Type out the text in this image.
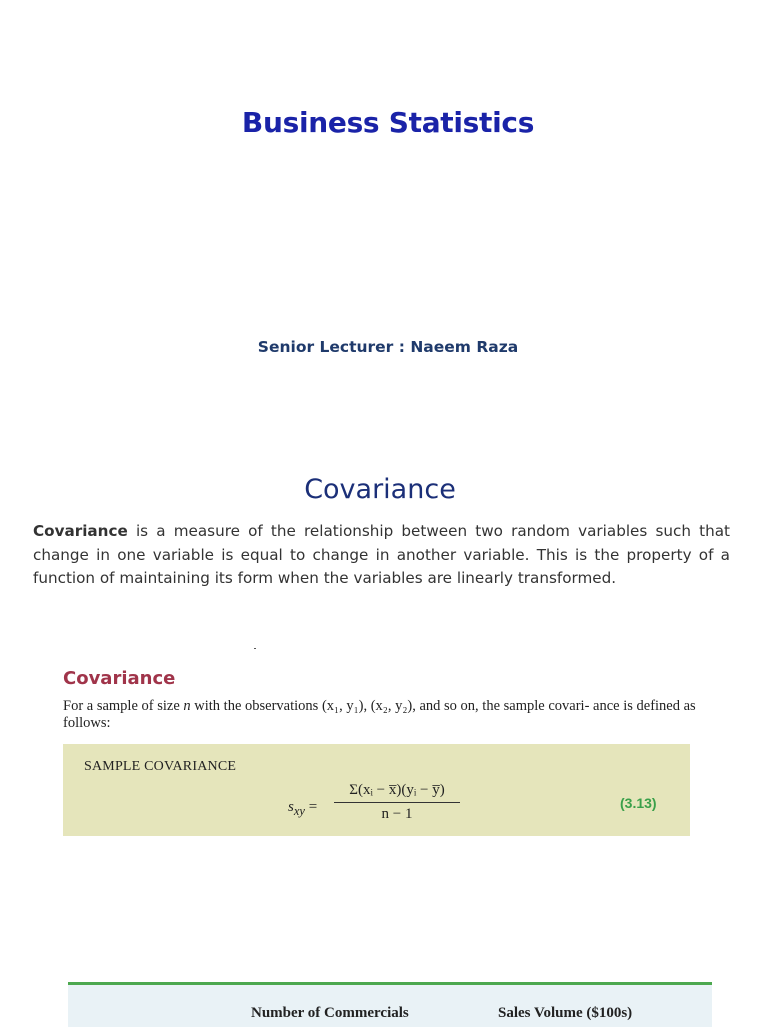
Business Statistics
Senior Lecturer : Naeem Raza
Covariance
Covariance is a measure of the relationship between two random variables such that change in one variable is equal to change in another variable. This is the property of a function of maintaining its form when the variables are linearly transformed.
Covariance
For a sample of size n with the observations (x₁, y₁), (x₂, y₂), and so on, the sample covari- ance is defined as follows:
SAMPLE COVARIANCE
$s_{xy}$ =
Σ(xᵢ − x̅)(yᵢ − y̅)
n − 1
(3.13)
Number of Commercials	Sales Volume ($100s)
